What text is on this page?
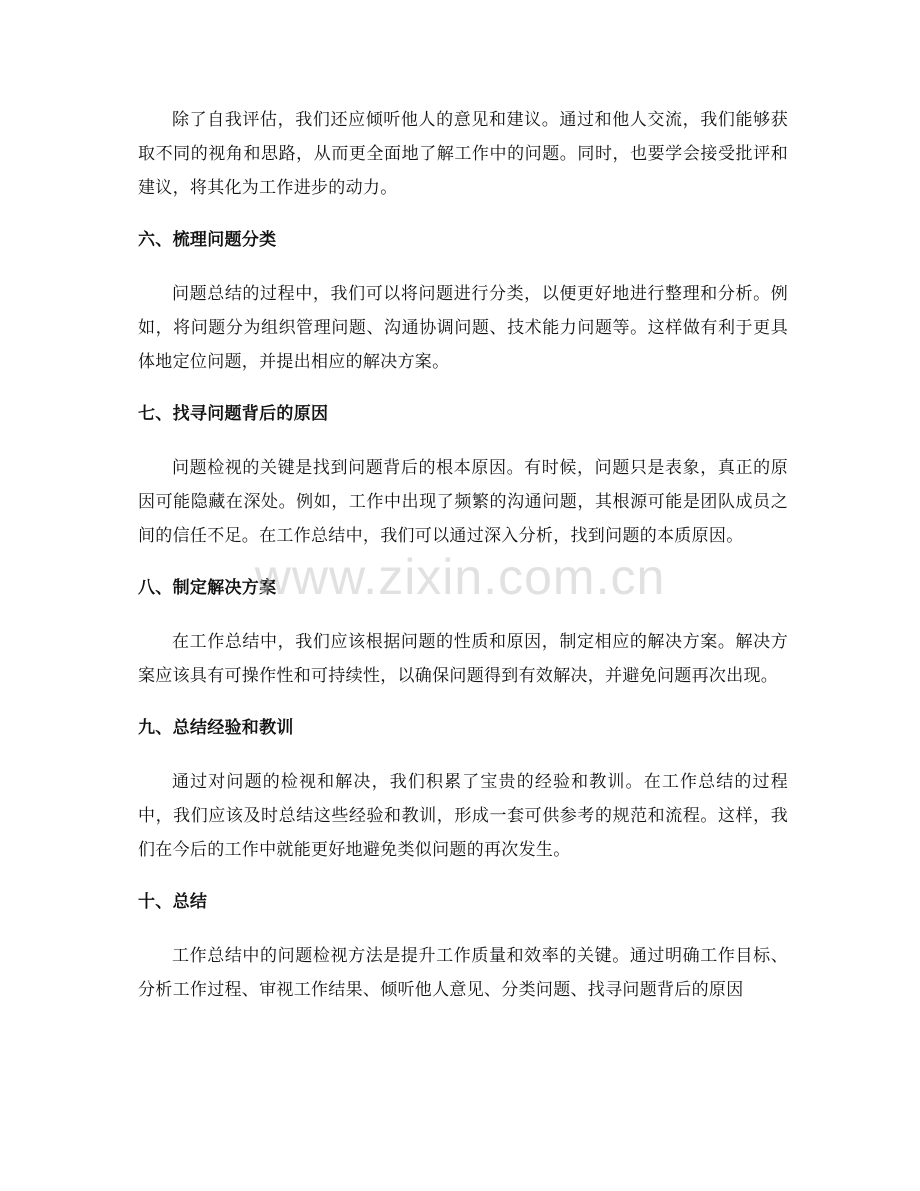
除了自我评估，我们还应倾听他人的意见和建议。通过和他人交流，我们能够获取不同的视角和思路，从而更全面地了解工作中的问题。同时，也要学会接受批评和建议，将其化为工作进步的动力。

六、梳理问题分类

问题总结的过程中，我们可以将问题进行分类，以便更好地进行整理和分析。例如，将问题分为组织管理问题、沟通协调问题、技术能力问题等。这样做有利于更具体地定位问题，并提出相应的解决方案。

七、找寻问题背后的原因

问题检视的关键是找到问题背后的根本原因。有时候，问题只是表象，真正的原因可能隐藏在深处。例如，工作中出现了频繁的沟通问题，其根源可能是团队成员之间的信任不足。在工作总结中，我们可以通过深入分析，找到问题的本质原因。

八、制定解决方案

在工作总结中，我们应该根据问题的性质和原因，制定相应的解决方案。解决方案应该具有可操作性和可持续性，以确保问题得到有效解决，并避免问题再次出现。

九、总结经验和教训

通过对问题的检视和解决，我们积累了宝贵的经验和教训。在工作总结的过程中，我们应该及时总结这些经验和教训，形成一套可供参考的规范和流程。这样，我们在今后的工作中就能更好地避免类似问题的再次发生。

十、总结

工作总结中的问题检视方法是提升工作质量和效率的关键。通过明确工作目标、分析工作过程、审视工作结果、倾听他人意见、分类问题、找寻问题背后的原因

www.zixin.com.cn
